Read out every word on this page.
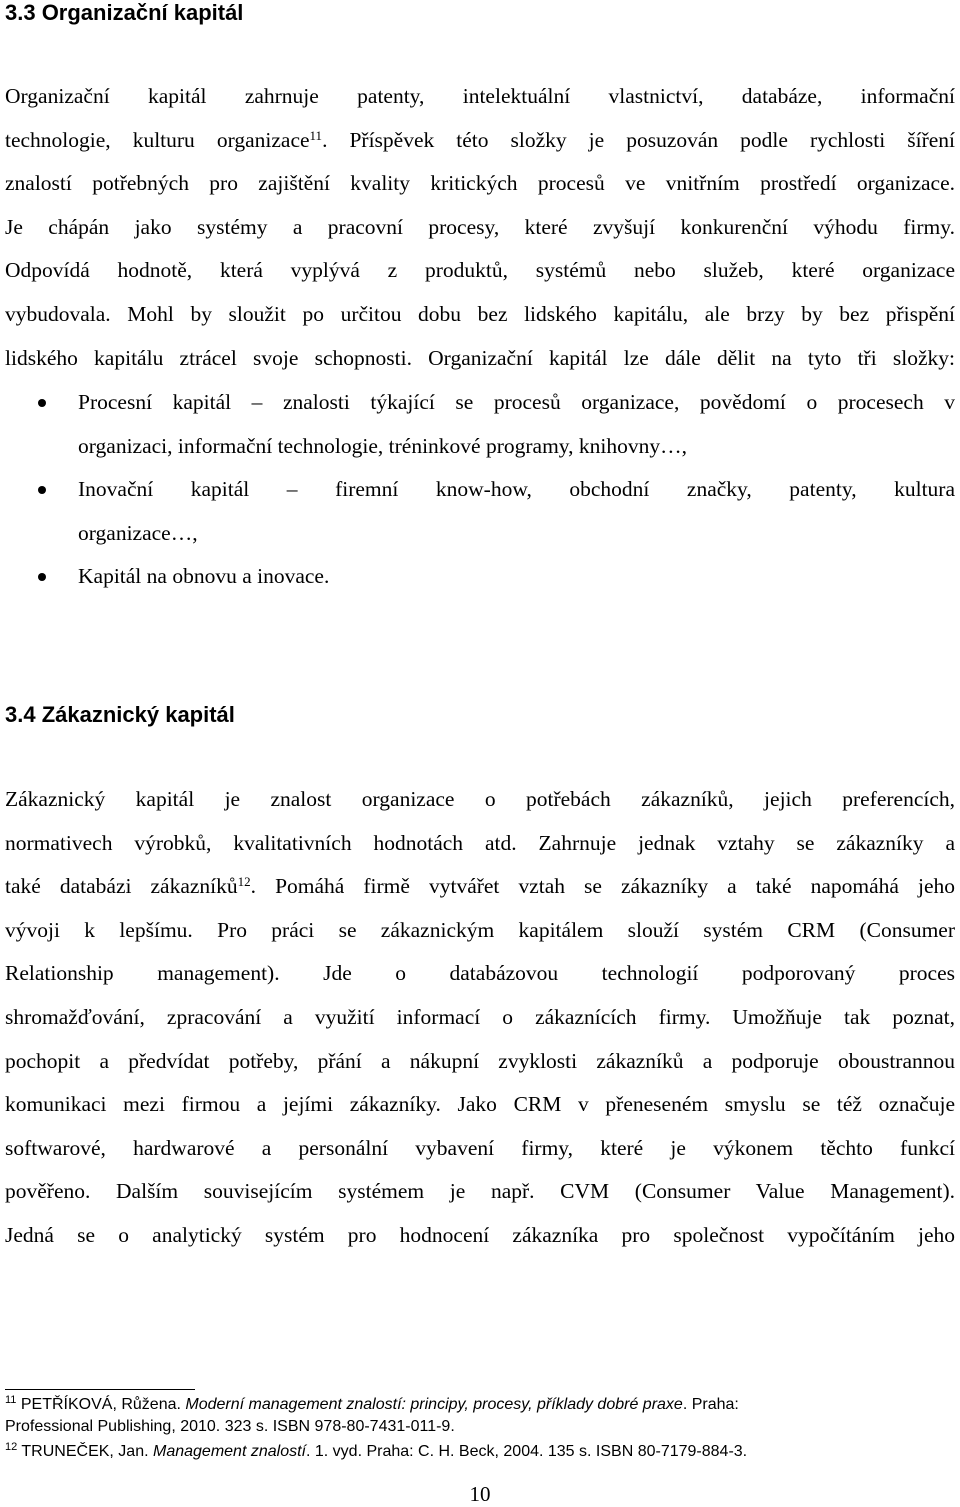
3.3 Organizační kapitál
Organizační kapitál zahrnuje patenty, intelektuální vlastnictví, databáze, informační
technologie, kulturu organizace$^{11}$. Příspěvek této složky je posuzován podle rychlosti šíření
znalostí potřebných pro zajištění kvality kritických procesů ve vnitřním prostředí organizace.
Je chápán jako systémy a pracovní procesy, které zvyšují konkurenční výhodu firmy.
Odpovídá hodnotě, která vyplývá z produktů, systémů nebo služeb, které organizace
vybudovala. Mohl by sloužit po určitou dobu bez lidského kapitálu, ale brzy by bez přispění
lidského kapitálu ztrácel svoje schopnosti. Organizační kapitál lze dále dělit na tyto tři složky:
Procesní kapitál – znalosti týkající se procesů organizace, povědomí o procesech v
organizaci, informační technologie, tréninkové programy, knihovny…,
Inovační kapitál – firemní know-how, obchodní značky, patenty, kultura
organizace…,
Kapitál na obnovu a inovace.
3.4 Zákaznický kapitál
Zákaznický kapitál je znalost organizace o potřebách zákazníků, jejich preferencích,
normativech výrobků, kvalitativních hodnotách atd. Zahrnuje jednak vztahy se zákazníky a
také databázi zákazníků$^{12}$. Pomáhá firmě vytvářet vztah se zákazníky a také napomáhá jeho
vývoji k lepšímu. Pro práci se zákaznickým kapitálem slouží systém CRM (Consumer
Relationship management). Jde o databázovou technologií podporovaný proces
shromažďování, zpracování a využití informací o zákaznících firmy. Umožňuje tak poznat,
pochopit a předvídat potřeby, přání a nákupní zvyklosti zákazníků a podporuje oboustrannou
komunikaci mezi firmou a jejími zákazníky. Jako CRM v přeneseném smyslu se též označuje
softwarové, hardwarové a personální vybavení firmy, které je výkonem těchto funkcí
pověřeno. Dalším souvisejícím systémem je např. CVM (Consumer Value Management).
Jedná se o analytický systém pro hodnocení zákazníka pro společnost vypočítáním jeho
$^{11}$ PETŘÍKOVÁ, Růžena. Moderní management znalostí: principy, procesy, příklady dobré praxe. Praha:
Professional Publishing, 2010. 323 s. ISBN 978-80-7431-011-9.
$^{12}$ TRUNEČEK, Jan. Management znalostí. 1. vyd. Praha: C. H. Beck, 2004. 135 s. ISBN 80-7179-884-3.
10
